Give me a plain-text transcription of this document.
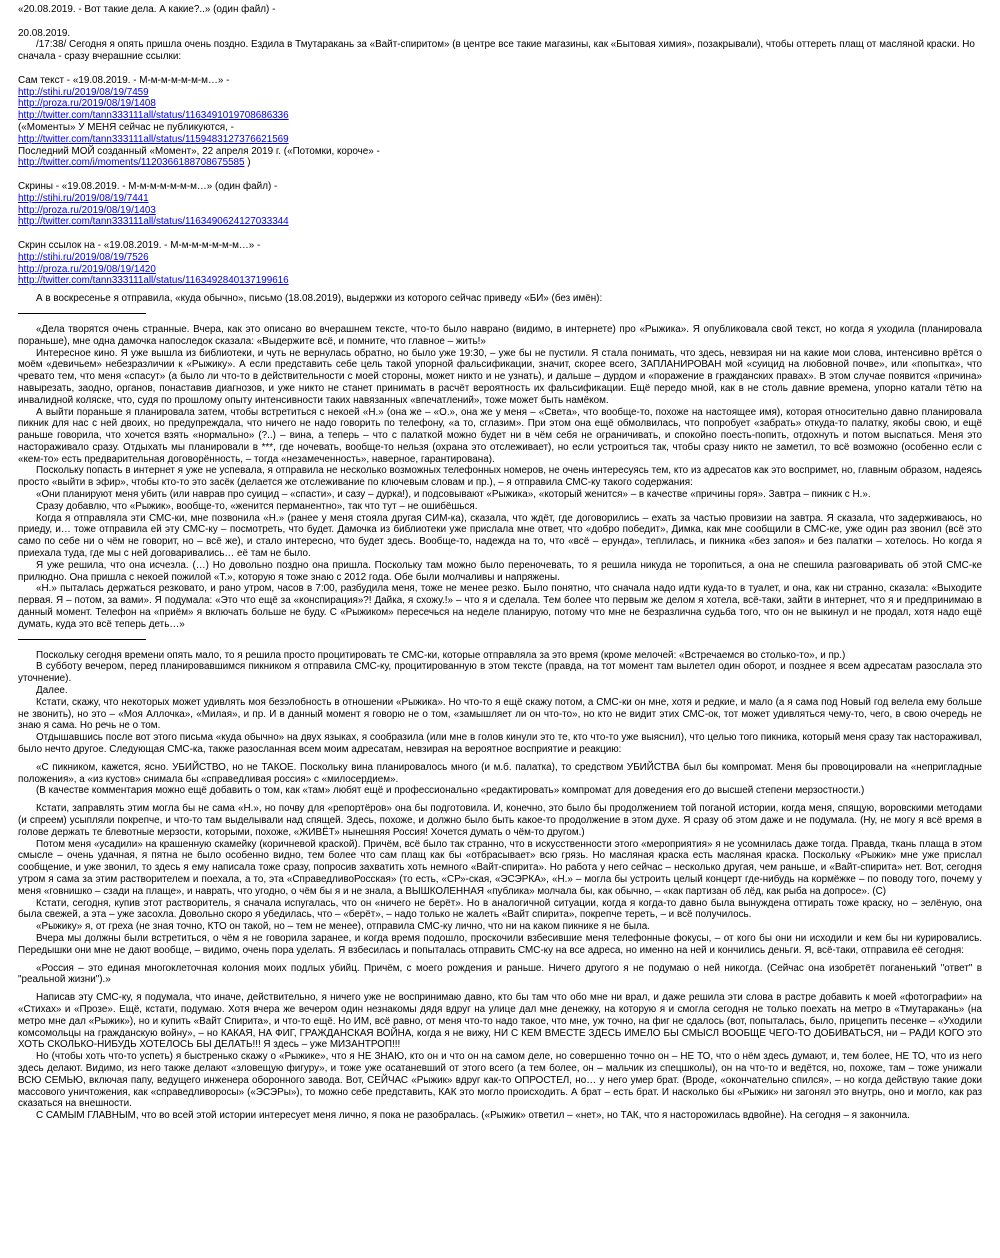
«20.08.2019. - Вот такие дела. А какие?..» (один файл) -

20.08.2019.

/17:38/ Сегодня я опять пришла очень поздно. Ездила в Тмутаракань за «Вайт-спиритом» (в центре все такие магазины, как «Бытовая химия», позакрывали), чтобы оттереть плащ от масляной краски. Но сначала - сразу вчерашние ссылки:

Сам текст - «19.08.2019. - М-м-м-м-м-м-м…» -

http://stihi.ru/2019/08/19/7459
http://proza.ru/2019/08/19/1408
http://twitter.com/tann333111all/status/1163491019708686336
(«Моменты» У МЕНЯ сейчас не публикуются, -
http://twitter.com/tann333111all/status/1159483127376621569
Последний МОЙ созданный «Момент», 22 апреля 2019 г. («Потомки, короче» -
http://twitter.com/i/moments/1120366188708675585 )

Скрины - «19.08.2019. - М-м-м-м-м-м-м…» (один файл) -

http://stihi.ru/2019/08/19/7441
http://proza.ru/2019/08/19/1403
http://twitter.com/tann333111all/status/1163490624127033344

Скрин ссылок на - «19.08.2019. - М-м-м-м-м-м-м…» -

http://stihi.ru/2019/08/19/7526
http://proza.ru/2019/08/19/1420
http://twitter.com/tann333111all/status/1163492840137199616

А в воскресенье я отправила, «куда обычно», письмо (18.08.2019), выдержки из которого сейчас приведу «БИ» (без имён):

«Дела творятся очень странные. Вчера, как это описано во вчерашнем тексте, что-то было наврано (видимо, в интернете) про «Рыжика». Я опубликовала свой текст, но когда я уходила (планировала пораньше), мне одна дамочка напоследок сказала: «Выдержите всё, и помните, что главное – жить!»

Интересное кино. Я уже вышла из библиотеки, и чуть не вернулась обратно, но было уже 19:30, – уже бы не пустили. Я стала понимать, что здесь, невзирая ни на какие мои слова, интенсивно врётся о моём «девичьем» небезразличии к «Рыжику». А если представить себе цель такой упорной фальсификации, значит, скорее всего, ЗАПЛАНИРОВАН мой «суицид на любовной почве», или «попытка», что чревато тем, что меня «спасут» (а было ли что-то в действительности с моей стороны, может никто и не узнать), и дальше – дурдом и «поражение в гражданских правах». В этом случае появится «причина» навырезать, заодно, органов, понаставив диагнозов, и уже никто не станет принимать в расчёт вероятность их фальсификации. Ещё передо мной, как в не столь давние времена, упорно катали тётю на инвалидной коляске, что, судя по прошлому опыту интенсивности таких навязанных «впечатлений», тоже может быть намёком.

А выйти пораньше я планировала затем, чтобы встретиться с некоей «Н.» (она же – «О.», она же у меня – «Света», что вообще-то, похоже на настоящее имя), которая относительно давно планировала пикник для нас с ней двоих, но предупреждала, что ничего не надо говорить по телефону, «а то, сглазим». При этом она ещё обмолвилась, что попробует «забрать» откуда-то палатку, якобы свою, и ещё раньше говорила, что хочется взять «нормально» (?..) – вина, а теперь – что с палаткой можно будет ни в чём себя не ограничивать, и спокойно поесть-попить, отдохнуть и потом выспаться. Меня это настораживало сразу. Отдыхать мы планировали в ***, где ночевать, вообще-то нельзя (охрана это отслеживает), но если устроиться так, чтобы сразу никто не заметил, то всё возможно (особенно если с «кем-то» есть предварительная договорённость, – тогда «незамеченность», наверное, гарантирована).

Поскольку попасть в интернет я уже не успевала, я отправила не несколько возможных телефонных номеров, не очень интересуясь тем, кто из адресатов как это воспримет, но, главным образом, надеясь просто «выйти в эфир», чтобы кто-то это засёк (делается же отслеживание по ключевым словам и пр.), – я отправила СМС-ку такого содержания:

«Они планируют меня убить (или наврав про суицид – «спасти», и сазу – дурка!), и подсовывают «Рыжика», «который женится» – в качестве «причины горя». Завтра – пикник с Н.».

Сразу добавлю, что «Рыжик», вообще-то, «женится перманентно», так что тут – не ошибёшься.

Когда я отправляла эти СМС-ки, мне позвонила «Н.» (ранее у меня стояла другая СИМ-ка), сказала, что ждёт, где договорились – ехать за частью провизии на завтра. Я сказала, что задерживаюсь, но приеду, и… тоже отправила ей эту СМС-ку – посмотреть, что будет. Дамочка из библиотеки уже прислала мне ответ, что «добро победит», Димка, как мне сообщили в СМС-ке, уже один раз звонил (всё это само по себе ни о чём не говорит, но – всё же), и стало интересно, что будет здесь. Вообще-то, надежда на то, что «всё – ерунда», теплилась, и пикника «без запоя» и без палатки – хотелось. Но когда я приехала туда, где мы с ней договаривались… её там не было.

Я уже решила, что она исчезла. (…) Но довольно поздно она пришла. Поскольку там можно было переночевать, то я решила никуда не торопиться, а она не спешила разговаривать об этой СМС-ке прилюдно. Она пришла с некоей пожилой «Т.», которую я тоже знаю с 2012 года. Обе были молчаливы и напряжены.

«Н.» пыталась держаться резковато, и рано утром, часов в 7:00, разбудила меня, тоже не менее резко. Было понятно, что сначала надо идти куда-то в туалет, и она, как ни странно, сказала: «Выходите первая. Я – потом, за вами». Я подумала: «Это что ещё за «конспирация»?! Дайка, я схожу.!» – что я и сделала. Тем более что первым же делом я хотела, всё-таки, зайти в интернет, что я и предпринимаю в данный момент. Телефон на «приём» я включать больше не буду. С «Рыжиком» пересечься на неделе планирую, потому что мне не безразлична судьба того, что он не выкинул и не продал, хотя надо ещё думать, куда это всё теперь деть…»

Поскольку сегодня времени опять мало, то я решила просто процитировать те СМС-ки, которые отправляла за это время (кроме мелочей: «Встречаемся во столько-то», и пр.)

В субботу вечером, перед планировавшимся пикником я отправила СМС-ку, процитированную в этом тексте (правда, на тот момент там вылетел один оборот, и позднее я всем адресатам разослала это уточнение).

Далее.

Кстати, скажу, что некоторых может удивлять моя безэлобность в отношении «Рыжика». Но что-то я ещё скажу потом, а СМС-ки он мне, хотя и редкие, и мало (а я сама под Новый год велела ему больше не звонить), но это – «Моя Аллочка», «Милая», и пр. И в данный момент я говорю не о том, «замышляет ли он что-то», но кто не видит этих СМС-ок, тот может удивляться чему-то, чего, в свою очередь не знаю я сама. Но речь не о том.

Отдышавшись после вот этого письма «куда обычно» на двух языках, я сообразила (или мне в голов кинули это те, кто что-то уже выяснил), что целью того пикника, который меня сразу так настораживал, было нечто другое. Следующая СМС-ка, также разосланная всем моим адресатам, невзирая на вероятное восприятие и реакцию:

«С пикником, кажется, ясно. УБИЙСТВО, но не ТАКОЕ. Поскольку вина планировалось много (и м.б. палатка), то средством УБИЙСТВА был бы компромат. Меня бы провоцировали на «непригладные положения», а «из кустов» снимала бы «справедливая россия» с «милосердием».

(В качестве комментария можно ещё добавить о том, как «там» любят ещё и профессионально «редактировать» компромат для доведения его до высшей степени мерзостности.)

Кстати, заправлять этим могла бы не сама «Н.», но почву для «репортёров» она бы подготовила. И, конечно, это было бы продолжением той поганой истории, когда меня, спящую, воровскими методами (и спреем) усыпляли покрепче, и что-то там выделывали над спящей. Здесь, похоже, и должно было быть какое-то продолжение в этом духе. Я сразу об этом даже и не подумала. (Ну, не могу я всё время в голове держать те блевотные мерзости, которыми, похоже, «ЖИВЁТ» нынешняя Россия! Хочется думать о чём-то другом.)

Потом меня «усадили» на крашенную скамейку (коричневой краской). Причём, всё было так странно, что в искусственности этого «мероприятия» я не усомнилась даже тогда. Правда, ткань плаща в этом смысле – очень удачная, я пятна не было особенно видно, тем более что сам плащ как бы «отбрасывает» всю грязь. Но масляная краска есть масляная краска. Поскольку «Рыжик» мне уже прислал сообщение, и уже звонил, то здесь я ему написала тоже сразу, попросив захватить хоть немного «Вайт-спирита». Но работа у него сейчас – несколько другая, чем раньше, и «Вайт-спирита» нет. Вот, сегодня утром я сама за этим растворителем и поехала, а то, эта «СправедливоРосская» (то есть, «СР»-ская, «ЭСЭРКА», «Н.» – могла бы устроить целый концерт где-нибудь на кормёжке – по поводу того, почему у меня «говнишко – сзади на плаще», и наврать, что угодно, о чём бы я и не знала, а ВЫШКОЛЕННАЯ «публика» молчала бы, как обычно, – «как партизан об лёд, как рыба на допросе». (С)

Кстати, сегодня, купив этот растворитель, я сначала испугалась, что он «ничего не берёт». Но в аналогичной ситуации, когда я когда-то давно была вынуждена оттирать тоже краску, но – зелёную, она была свежей, а эта – уже засохла. Довольно скоро я убедилась, что – «берёт», – надо только не жалеть «Вайт спирита», покрепче тереть, – и всё получилось.

«Рыжику» я, от греха (не зная точно, КТО он такой, но – тем не менее), отправила СМС-ку лично, что ни на каком пикнике я не была.

Вчера мы должны были встретиться, о чём я не говорила заранее, и когда время подошло, проскочили взбесившие меня телефонные фокусы, – от кого бы они ни исходили и кем бы ни курировались. Передышки они мне не дают вообще, – видимо, очень пора уделать. Я взбесилась и попыталась отправить СМС-ку на все адреса, но именно на ней и кончились деньги. Я, всё-таки, отправила её сегодня:

«Россия – это единая многоклеточная колония моих подлых убийц. Причём, с моего рождения и раньше. Ничего другого я не подумаю о ней никогда. (Сейчас она изобретёт поганенький "ответ" в "реальной жизни").»

Написав эту СМС-ку, я подумала, что иначе, действительно, я ничего уже не воспринимаю давно, кто бы там что обо мне ни врал, и даже решила эти слова в растре добавить к моей «фотографии» на «Стихах» и «Прозе». Ещё, кстати, подумаю. Хотя вчера же вечером один незнакомы дядя вдруг на улице дал мне денежку, на которую я и смогла сегодня не только поехать на метро в «Тмутаракань» (на метро мне дал «Рыжик»), но и купить «Вайт Спирита», и что-то ещё. Но ИМ, всё равно, от меня что-то надо такое, что мне, уж точно, на фиг не сдалось (вот, попыталась, было, прицепить песенке – «Уходили комсомольцы на гражданскую войну», – но КАКАЯ, НА ФИГ, ГРАЖДАНСКАЯ ВОЙНА, когда я не вижу, НИ С КЕМ ВМЕСТЕ ЗДЕСЬ ИМЕЛО БЫ СМЫСЛ ВООБЩЕ ЧЕГО-ТО ДОБИВАТЬСЯ, ни – РАДИ КОГО это ХОТЬ СКОЛЬКО-НИБУДЬ ХОТЕЛОСЬ БЫ ДЕЛАТЬ!!! Я здесь – уже МИЗАНТРОП!!!

Но (чтобы хоть что-то успеть) я быстренько скажу о «Рыжике», что я НЕ ЗНАЮ, кто он и что он на самом деле, но совершенно точно он – НЕ ТО, что о нём здесь думают, и, тем более, НЕ ТО, что из него здесь делают. Видимо, из него также делают «зловещую фигуру», и тоже уже осатаневший от этого всего (а тем более, он – мальчик из спецшколы), он на что-то и ведётся, но, похоже, там – тоже унижали ВСЮ СЕМЬЮ, включая папу, ведущего инженера оборонного завода. Вот, СЕЙЧАС «Рыжик» вдруг как-то ОПРОСТЕЛ, но… у него умер брат. (Вроде, «окончательно спился», – но когда действую такие доки массового уничтожения, как «справедливоросы» («ЭСЭРы»), то можно себе представить, КАК это могло происходить. А брат – есть брат. И насколько бы «Рыжик» ни загонял это внутрь, оно и могло, как раз сказаться на внешности.

С САМЫМ ГЛАВНЫМ, что во всей этой истории интересует меня лично, я пока не разобралась. («Рыжик» ответил – «нет», но ТАК, что я насторожилась вдвойне). На сегодня – я закончила.
